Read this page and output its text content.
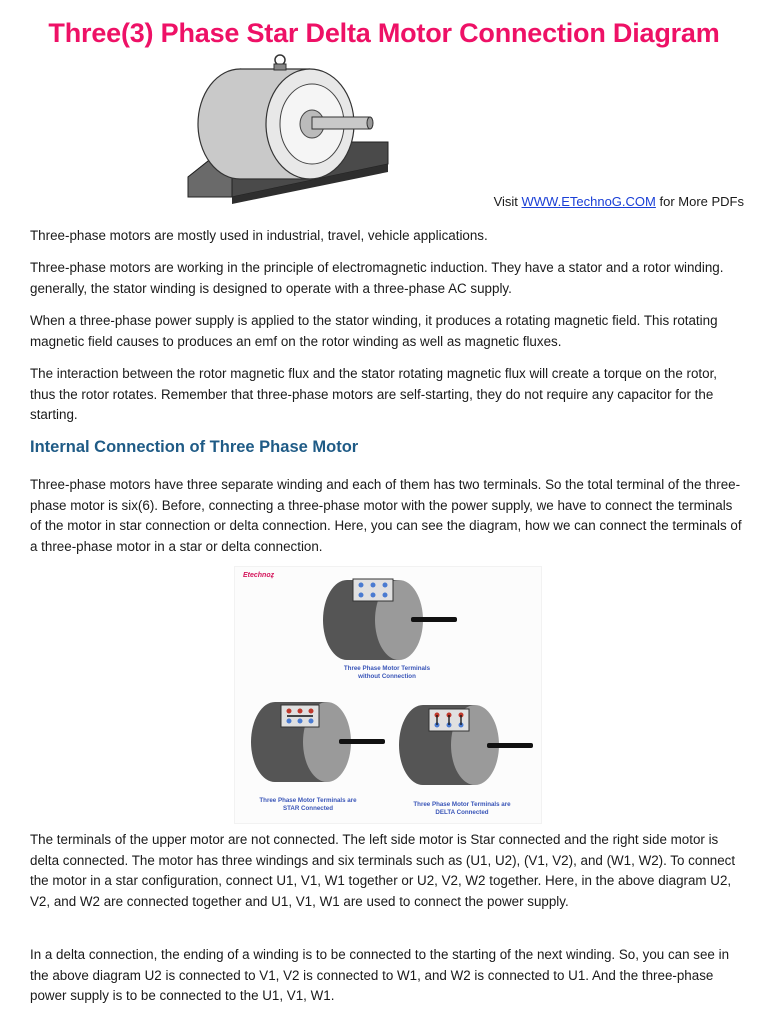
Three(3) Phase Star Delta Motor Connection Diagram
Visit WWW.ETechnoG.COM for More PDFs

Three-phase motors are mostly used in industrial, travel, vehicle applications.

Three-phase motors are working in the principle of electromagnetic induction. They have a stator and a rotor winding. generally, the stator winding is designed to operate with a three-phase AC supply.

When a three-phase power supply is applied to the stator winding, it produces a rotating magnetic field. This rotating magnetic field causes to produces an emf on the rotor winding as well as magnetic fluxes.

The interaction between the rotor magnetic flux and the stator rotating magnetic flux will create a torque on the rotor, thus the rotor rotates. Remember that three-phase motors are self-starting, they do not require any capacitor for the starting.

Internal Connection of Three Phase Motor

Three-phase motors have three separate winding and each of them has two terminals. So the total terminal of the three-phase motor is six(6). Before, connecting a three-phase motor with the power supply, we have to connect the terminals of the motor in star connection or delta connection. Here, you can see the diagram, how we can connect the terminals of a three-phase motor in a star or delta connection.

Etechnoẕ
Three Phase Motor Terminals without Connection
Three Phase Motor Terminals are STAR Connected
Three Phase Motor Terminals are DELTA Connected

The terminals of the upper motor are not connected. The left side motor is Star connected and the right side motor is delta connected. The motor has three windings and six terminals such as (U1, U2), (V1, V2), and (W1, W2). To connect the motor in a star configuration, connect U1, V1, W1 together or U2, V2, W2 together. Here, in the above diagram U2, V2, and W2 are connected together and U1, V1, W1 are used to connect the power supply.

In a delta connection, the ending of a winding is to be connected to the starting of the next winding. So, you can see in the above diagram U2 is connected to V1, V2 is connected to W1, and W2 is connected to U1. And the three-phase power supply is to be connected to the U1, V1, W1.
